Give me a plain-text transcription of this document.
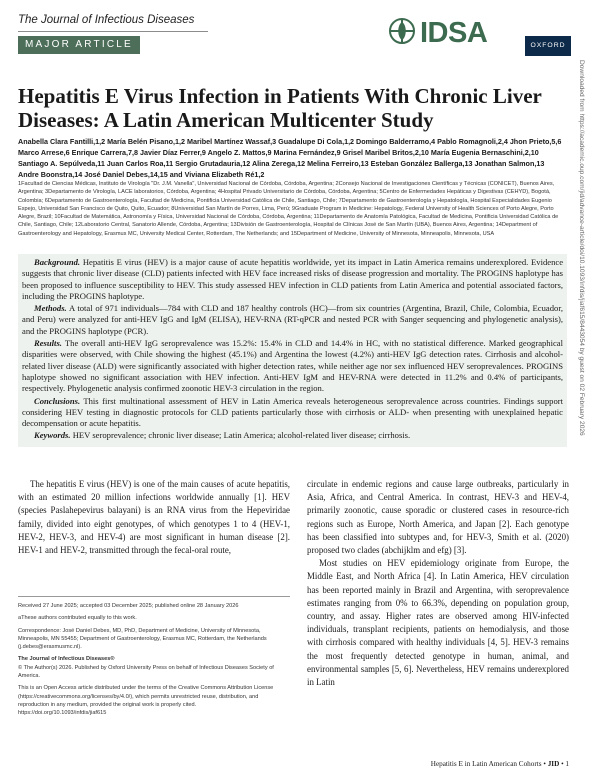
The Journal of Infectious Diseases
MAJOR ARTICLE	IDSA	OXFORD
Hepatitis E Virus Infection in Patients With Chronic Liver Diseases: A Latin American Multicenter Study
Anabella Clara Fantilli,1,2 María Belén Pisano,1,2 Maribel Martínez Wassaf,3 Guadalupe Di Cola,1,2 Domingo Balderramo,4 Pablo Romagnoli,2,4 Jhon Prieto,5,6 Marco Arrese,6 Enrique Carrera,7,8 Javier Díaz Ferrer,9 Angelo Z. Mattos,9 Marina Fernández,9 Grisel Maribel Britos,2,10 María Eugenia Bernaschini,2,10 Santiago A. Sepúlveda,11 Juan Carlos Roa,11 Sergio Grutadauria,12 Alina Zerega,12 Melina Ferreiro,13 Esteban González Ballerga,13 Jonathan Salmon,13 Andre Boonstra,14 José Daniel Debes,14,15 and Viviana Elizabeth Ré1,2
1Facultad de Ciencias Médicas, Instituto de Virología "Dr. J.M. Vanella", Universidad Nacional de Córdoba, Córdoba, Argentina; 2Consejo Nacional de Investigaciones Científicas y Técnicas (CONICET), Buenos Aires, Argentina; 3Departamento de Virología, LACE laboratorios, Córdoba, Argentina; 4Hospital Privado Universitario de Córdoba, Córdoba, Argentina; 5Centro de Enfermedades Hepáticas y Digestivas (CEHYD), Bogotá, Colombia; 6Departamento de Gastroenterología, Facultad de Medicina, Pontificia Universidad Católica de Chile, Santiago, Chile; 7Departamento de Gastroenterología y Hepatología, Hospital Especialidades Eugenio Espejo, Universidad San Francisco de Quito, Quito, Ecuador; 8Universidad San Martín de Porres, Lima, Perú; 9Graduate Program in Medicine: Hepatology, Federal University of Health Sciences of Porto Alegre, Porto Alegre, Brazil; 10Facultad de Matemática, Astronomía y Física, Universidad Nacional de Córdoba, Córdoba, Argentina; 11Departamento de Anatomía Patológica, Facultad de Medicina, Pontificia Universidad Católica de Chile, Santiago, Chile; 12Laboratorio Central, Sanatorio Allende, Córdoba, Argentina; 13División de Gastroenterología, Hospital de Clínicas José de San Martín (UBA), Buenos Aires, Argentina; 14Department of Gastroenterology and Hepatology, Erasmus MC, University Medical Center, Rotterdam, The Netherlands; and 15Department of Medicine, University of Minnesota, Minneapolis, Minnesota, USA

Background. Hepatitis E virus (HEV) is a major cause of acute hepatitis worldwide, yet its impact in Latin America remains underexplored. Evidence suggests that chronic liver disease (CLD) patients infected with HEV face increased risks of disease progression and mortality. The PROGINS haplotype has been proposed to influence susceptibility to HEV. This study assessed HEV infection in CLD patients from Latin America and potential associated factors, including the PROGINS haplotype.

Methods. A total of 971 individuals—784 with CLD and 187 healthy controls (HC)—from six countries (Argentina, Brazil, Chile, Colombia, Ecuador, and Peru) were analyzed for anti-HEV IgG and IgM (ELISA), HEV-RNA (RT-qPCR and nested PCR with Sanger sequencing and phylogenetic analysis), and the PROGINS haplotype (PCR).

Results. The overall anti-HEV IgG seroprevalence was 15.2%: 15.4% in CLD and 14.4% in HC, with no statistical difference. Marked geographical disparities were observed, with Chile showing the highest (45.1%) and Argentina the lowest (4.2%) anti-HEV IgG detection rates. Cirrhosis and alcohol-related liver disease (ALD) were significantly associated with higher detection rates, while neither age nor sex influenced HEV seroprevalences. PROGINS haplotype showed no significant association with HEV infection. Anti-HEV IgM and HEV-RNA were detected in 11.2% and 0.4% of participants, respectively. Phylogenetic analysis confirmed zoonotic HEV-3 circulation in the region.

Conclusions. This first multinational assessment of HEV in Latin America reveals heterogeneous seroprevalence across countries. Findings support considering HEV testing in diagnostic protocols for CLD patients particularly those with cirrhosis or ALD- when presenting with unexplained hepatic decompensation or acute hepatitis.

Keywords. HEV seroprevalence; chronic liver disease; Latin America; alcohol-related liver disease; cirrhosis.

The hepatitis E virus (HEV) is one of the main causes of acute hepatitis, with an estimated 20 million infections worldwide annually [1]. HEV (species Paslahepevirus balayani) is an RNA virus from the Hepeviridae family, divided into eight genotypes, of which genotypes 1 to 4 (HEV-1, HEV-2, HEV-3, and HEV-4) are most significant in human disease [2]. HEV-1 and HEV-2, transmitted through the fecal-oral route,

circulate in endemic regions and cause large outbreaks, particularly in Asia, Africa, and Central America. In contrast, HEV-3 and HEV-4, primarily zoonotic, cause sporadic or clustered cases in resource-rich regions such as Europe, North America, and Japan [2]. Each genotype has been classified into subtypes and, for HEV-3, Smith et al. (2020) proposed two clades (abchijklm and efg) [3].

Most studies on HEV epidemiology originate from Europe, the Middle East, and North Africa [4]. In Latin America, HEV circulation has been reported mainly in Brazil and Argentina, with seroprevalence estimates ranging from 0% to 66.3%, depending on population group, country, and assay. Higher rates are observed among HIV-infected individuals, transplant recipients, patients on hemodialysis, and those with cirrhosis compared with healthy individuals [4, 5]. HEV-3 remains the most frequently detected genotype in human, animal, and environmental samples [5, 6]. Nevertheless, HEV remains underexplored in Latin

Received 27 June 2025; accepted 03 December 2025; published online 28 January 2026
aThese authors contributed equally to this work.
Correspondence: José Daniel Debes, MD, PhD, Department of Medicine, University of Minnesota, Minneapolis, MN 55455; Department of Gastroenterology, Erasmus MC, Rotterdam, the Netherlands (j.debes@erasmusmc.nl).
The Journal of Infectious Diseases®
© The Author(s) 2026. Published by Oxford University Press on behalf of Infectious Diseases Society of America.
This is an Open Access article distributed under the terms of the Creative Commons Attribution License (https://creativecommons.org/licenses/by/4.0/), which permits unrestricted reuse, distribution, and reproduction in any medium, provided the original work is properly cited.
https://doi.org/10.1093/infdis/jiaf615
Downloaded from https://academic.oup.com/jid/advance-article/doi/10.1093/infdis/jiaf615/8443054 by guest on 02 February 2026
Hepatitis E in Latin American Cohorts • JID • 1
